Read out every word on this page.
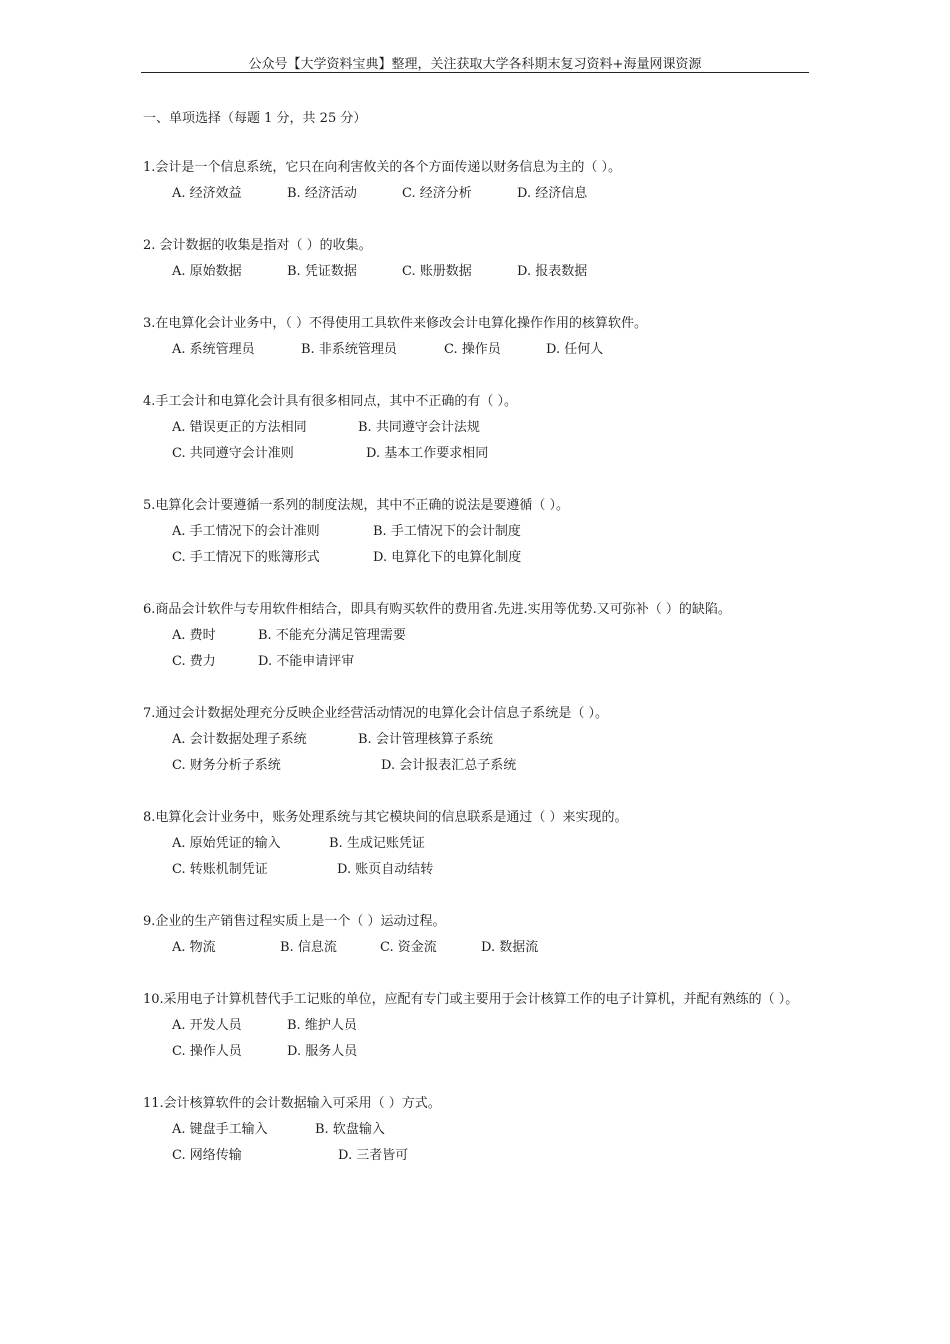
公众号【大学资料宝典】整理，关注获取大学各科期末复习资料+海量网课资源
一、单项选择（每题 1 分，共 25 分）

1.会计是一个信息系统，它只在向利害攸关的各个方面传递以财务信息为主的（ ）。

A. 经济效益	B. 经济活动	C. 经济分析	D. 经济信息

2. 会计数据的收集是指对（ ）的收集。

A. 原始数据	B. 凭证数据	C. 账册数据	D. 报表数据

3.在电算化会计业务中，（ ）不得使用工具软件来修改会计电算化操作作用的核算软件。

A. 系统管理员	B. 非系统管理员	C. 操作员	D. 任何人

4.手工会计和电算化会计具有很多相同点，其中不正确的有（ ）。

A. 错误更正的方法相同	B. 共同遵守会计法规
C. 共同遵守会计准则	D. 基本工作要求相同

5.电算化会计要遵循一系列的制度法规，其中不正确的说法是要遵循（ ）。

A. 手工情况下的会计准则	B. 手工情况下的会计制度
C. 手工情况下的账簿形式	D. 电算化下的电算化制度

6.商品会计软件与专用软件相结合，即具有购买软件的费用省.先进.实用等优势.又可弥补（ ）的缺陷。

A. 费时	B. 不能充分满足管理需要
C. 费力	D. 不能申请评审

7.通过会计数据处理充分反映企业经营活动情况的电算化会计信息子系统是（ ）。

A. 会计数据处理子系统	B. 会计管理核算子系统
C. 财务分析子系统	D. 会计报表汇总子系统

8.电算化会计业务中，账务处理系统与其它模块间的信息联系是通过（ ）来实现的。

A. 原始凭证的输入	B. 生成记账凭证
C. 转账机制凭证	D. 账页自动结转

9.企业的生产销售过程实质上是一个（ ）运动过程。

A. 物流	B. 信息流	C. 资金流	D. 数据流

10.采用电子计算机替代手工记账的单位，应配有专门或主要用于会计核算工作的电子计算机，并配有熟练的（ ）。

A. 开发人员	B. 维护人员
C. 操作人员	D. 服务人员

11.会计核算软件的会计数据输入可采用（ ）方式。

A. 键盘手工输入	B. 软盘输入
C. 网络传输	D. 三者皆可
